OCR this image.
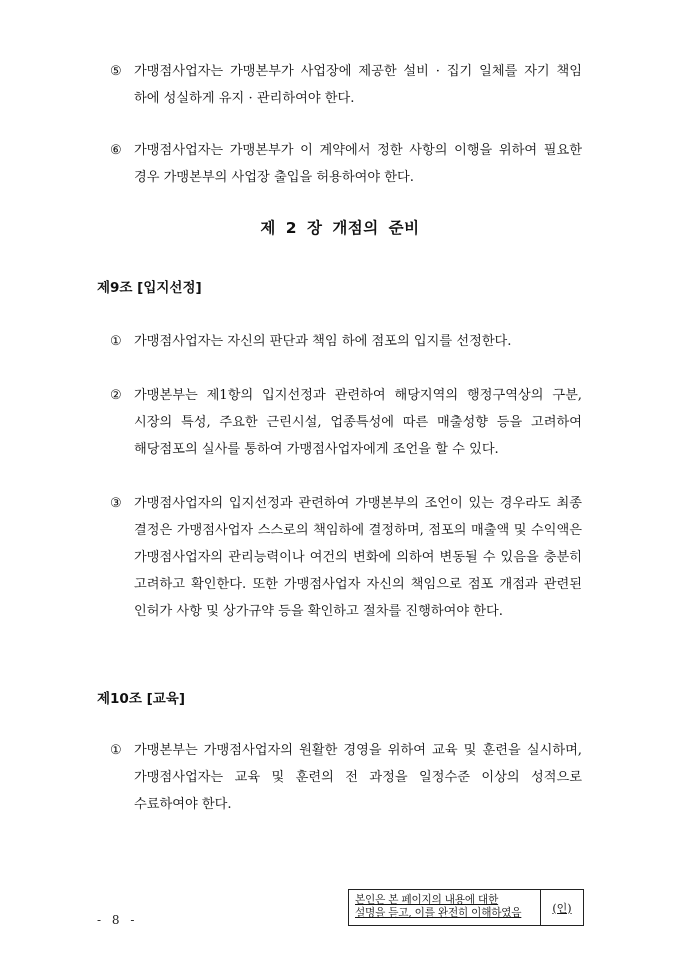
⑤ 가맹점사업자는 가맹본부가 사업장에 제공한 설비 · 집기 일체를 자기 책임 하에 성실하게 유지 · 관리하여야 한다.
⑥ 가맹점사업자는 가맹본부가 이 계약에서 정한 사항의 이행을 위하여 필요한 경우 가맹본부의 사업장 출입을 허용하여야 한다.
제 2 장 개점의 준비
제9조 [입지선정]
① 가맹점사업자는 자신의 판단과 책임 하에 점포의 입지를 선정한다.
② 가맹본부는 제1항의 입지선정과 관련하여 해당지역의 행정구역상의 구분, 시장의 특성, 주요한 근린시설, 업종특성에 따른 매출성향 등을 고려하여 해당점포의 실사를 통하여 가맹점사업자에게 조언을 할 수 있다.
③ 가맹점사업자의 입지선정과 관련하여 가맹본부의 조언이 있는 경우라도 최종 결정은 가맹점사업자 스스로의 책임하에 결정하며, 점포의 매출액 및 수익액은 가맹점사업자의 관리능력이나 여건의 변화에 의하여 변동될 수 있음을 충분히 고려하고 확인한다. 또한 가맹점사업자 자신의 책임으로 점포 개점과 관련된 인허가 사항 및 상가규약 등을 확인하고 절차를 진행하여야 한다.
제10조 [교육]
① 가맹본부는 가맹점사업자의 원활한 경영을 위하여 교육 및 훈련을 실시하며, 가맹점사업자는 교육 및 훈련의 전 과정을 일정수준 이상의 성적으로 수료하여야 한다.
- 8 -
본인은 본 페이지의 내용에 대한
설명을 듣고, 이를 완전히 이해하였음	(인)
